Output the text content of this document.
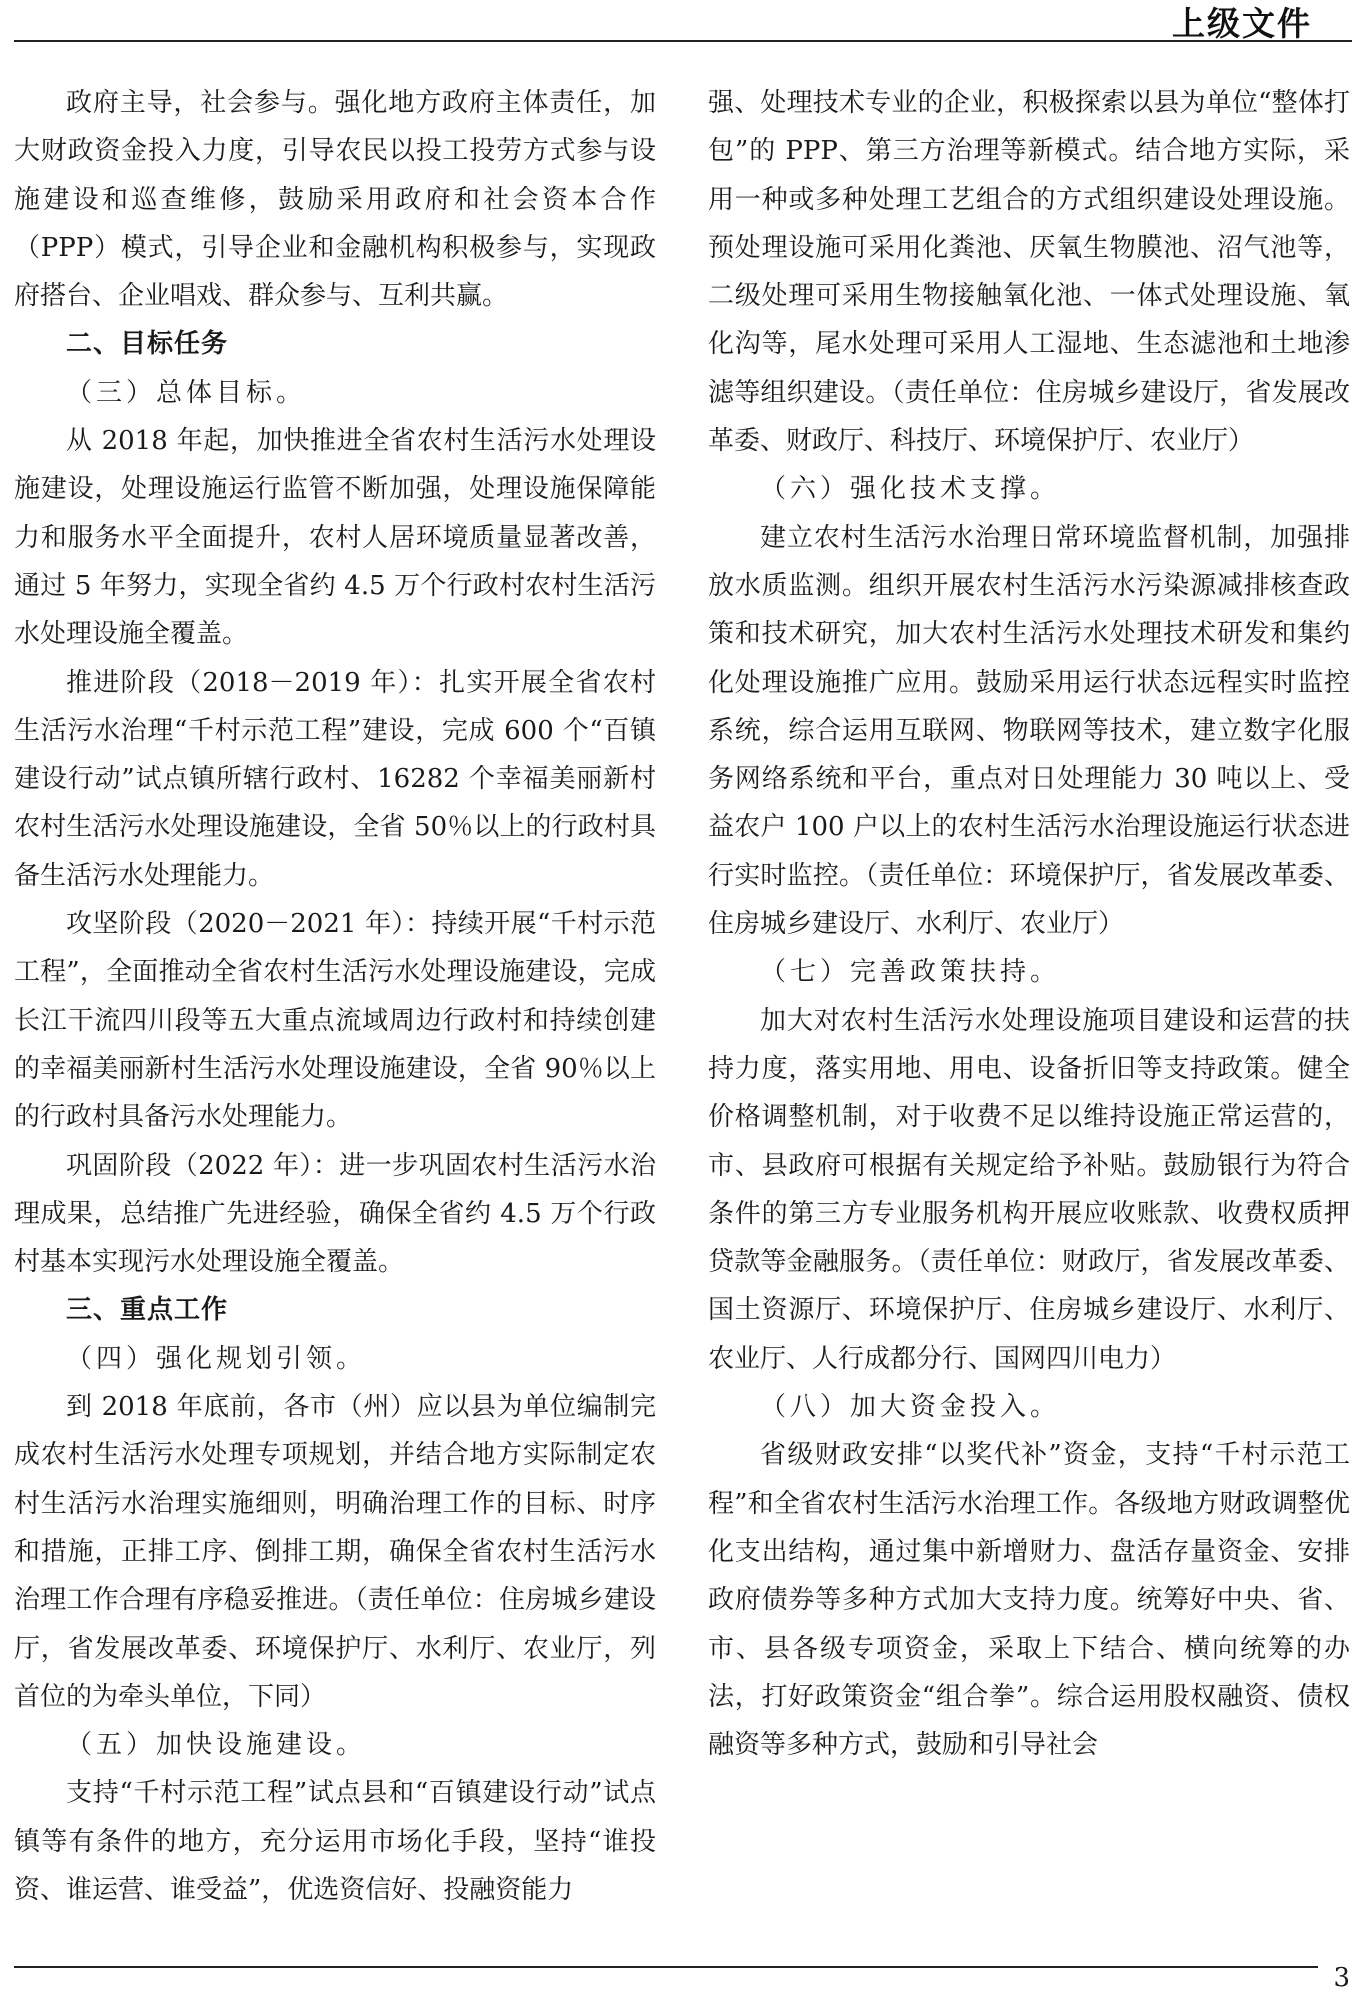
上级文件

政府主导，社会参与。强化地方政府主体责任，加大财政资金投入力度，引导农民以投工投劳方式参与设施建设和巡查维修，鼓励采用政府和社会资本合作（PPP）模式，引导企业和金融机构积极参与，实现政府搭台、企业唱戏、群众参与、互利共赢。

二、目标任务

（三）总体目标。

从 2018 年起，加快推进全省农村生活污水处理设施建设，处理设施运行监管不断加强，处理设施保障能力和服务水平全面提升，农村人居环境质量显著改善，通过 5 年努力，实现全省约 4.5 万个行政村农村生活污水处理设施全覆盖。

推进阶段（2018－2019 年）：扎实开展全省农村生活污水治理“千村示范工程”建设，完成 600 个“百镇建设行动”试点镇所辖行政村、16282 个幸福美丽新村农村生活污水处理设施建设，全省 50％以上的行政村具备生活污水处理能力。

攻坚阶段（2020－2021 年）：持续开展“千村示范工程”，全面推动全省农村生活污水处理设施建设，完成长江干流四川段等五大重点流域周边行政村和持续创建的幸福美丽新村生活污水处理设施建设，全省 90％以上的行政村具备污水处理能力。

巩固阶段（2022 年）：进一步巩固农村生活污水治理成果，总结推广先进经验，确保全省约 4.5 万个行政村基本实现污水处理设施全覆盖。

三、重点工作

（四）强化规划引领。

到 2018 年底前，各市（州）应以县为单位编制完成农村生活污水处理专项规划，并结合地方实际制定农村生活污水治理实施细则，明确治理工作的目标、时序和措施，正排工序、倒排工期，确保全省农村生活污水治理工作合理有序稳妥推进。（责任单位：住房城乡建设厅，省发展改革委、环境保护厅、水利厅、农业厅，列首位的为牵头单位，下同）

（五）加快设施建设。

支持“千村示范工程”试点县和“百镇建设行动”试点镇等有条件的地方，充分运用市场化手段，坚持“谁投资、谁运营、谁受益”，优选资信好、投融资能力

强、处理技术专业的企业，积极探索以县为单位“整体打包”的 PPP、第三方治理等新模式。结合地方实际，采用一种或多种处理工艺组合的方式组织建设处理设施。预处理设施可采用化粪池、厌氧生物膜池、沼气池等，二级处理可采用生物接触氧化池、一体式处理设施、氧化沟等，尾水处理可采用人工湿地、生态滤池和土地渗滤等组织建设。（责任单位：住房城乡建设厅，省发展改革委、财政厅、科技厅、环境保护厅、农业厅）

（六）强化技术支撑。

建立农村生活污水治理日常环境监督机制，加强排放水质监测。组织开展农村生活污水污染源减排核查政策和技术研究，加大农村生活污水处理技术研发和集约化处理设施推广应用。鼓励采用运行状态远程实时监控系统，综合运用互联网、物联网等技术，建立数字化服务网络系统和平台，重点对日处理能力 30 吨以上、受益农户 100 户以上的农村生活污水治理设施运行状态进行实时监控。（责任单位：环境保护厅，省发展改革委、住房城乡建设厅、水利厅、农业厅）

（七）完善政策扶持。

加大对农村生活污水处理设施项目建设和运营的扶持力度，落实用地、用电、设备折旧等支持政策。健全价格调整机制，对于收费不足以维持设施正常运营的，市、县政府可根据有关规定给予补贴。鼓励银行为符合条件的第三方专业服务机构开展应收账款、收费权质押贷款等金融服务。（责任单位：财政厅，省发展改革委、国土资源厅、环境保护厅、住房城乡建设厅、水利厅、农业厅、人行成都分行、国网四川电力）

（八）加大资金投入。

省级财政安排“以奖代补”资金，支持“千村示范工程”和全省农村生活污水治理工作。各级地方财政调整优化支出结构，通过集中新增财力、盘活存量资金、安排政府债券等多种方式加大支持力度。统筹好中央、省、市、县各级专项资金，采取上下结合、横向统筹的办法，打好政策资金“组合拳”。综合运用股权融资、债权融资等多种方式，鼓励和引导社会

3
